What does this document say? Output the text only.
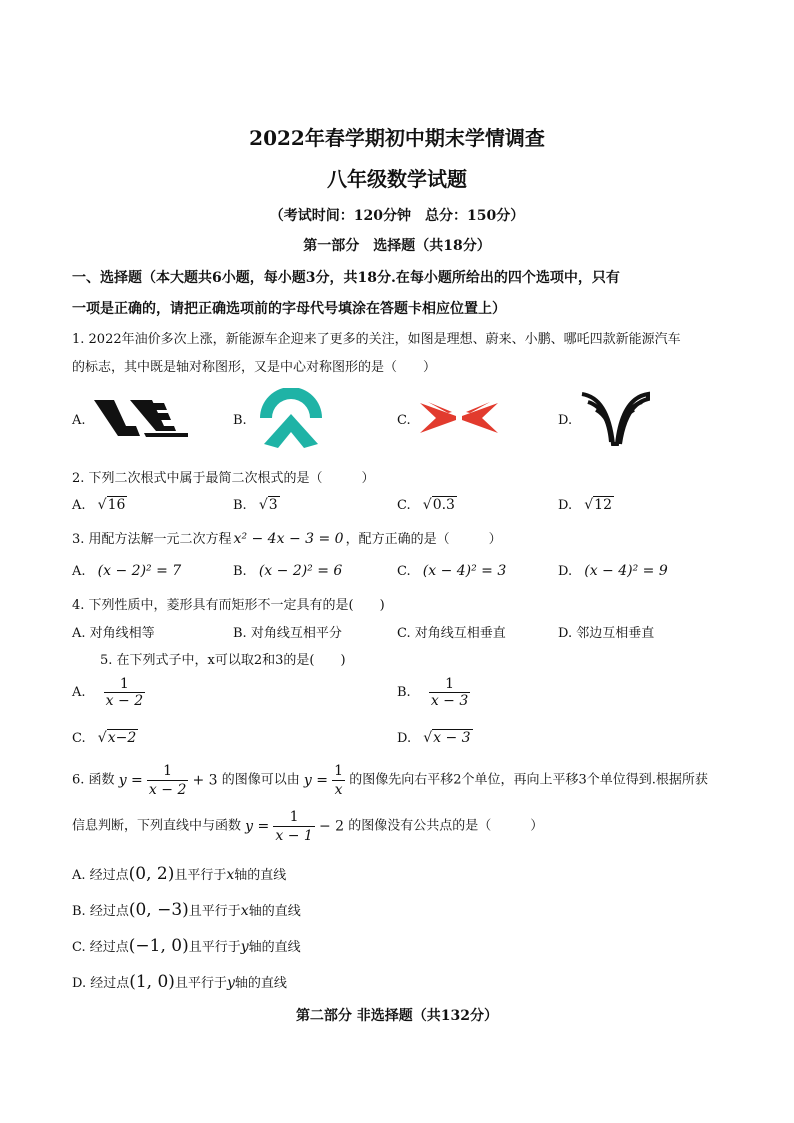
2022年春学期初中期末学情调查
八年级数学试题
（考试时间：120分钟　总分：150分）
第一部分　选择题（共18分）
一、选择题（本大题共6小题，每小题3分，共18分.在每小题所给出的四个选项中，只有
一项是正确的，请把正确选项前的字母代号填涂在答题卡相应位置上）
1. 2022年油价多次上涨，新能源车企迎来了更多的关注，如图是理想、蔚来、小鹏、哪吒四款新能源汽车
的标志，其中既是轴对称图形，又是中心对称图形的是（　　）
A.	B.	C.	D.
2. 下列二次根式中属于最简二次根式的是（　　　）
A. √16	B. √3	C. √0.3	D. √12
3. 用配方法解一元二次方程 x² − 4x − 3 = 0 ，配方正确的是（　　　）
A. (x − 2)² = 7	B. (x − 2)² = 6	C. (x − 4)² = 3	D. (x − 4)² = 9
4. 下列性质中，菱形具有而矩形不一定具有的是(　　)
A. 对角线相等	B. 对角线互相平分	C. 对角线互相垂直	D. 邻边互相垂直
5. 在下列式子中，x可以取2和3的是(　　)
A. $\frac{1}{x - 2}$	B. $\frac{1}{x - 3}$
C. √x−2	D. √x − 3
6. 函数 $y = \frac{1}{x - 2} + 3$ 的图像可以由 $y = \frac{1}{x}$ 的图像先向右平移2个单位，再向上平移3个单位得到.根据所获
信息判断，下列直线中与函数 $y = \frac{1}{x - 1} - 2$ 的图像没有公共点的是（　　　）
A. 经过点(0, 2)且平行于x轴的直线
B. 经过点(0, −3)且平行于x轴的直线
C. 经过点(−1, 0)且平行于y轴的直线
D. 经过点(1, 0)且平行于y轴的直线
第二部分 非选择题（共132分）
